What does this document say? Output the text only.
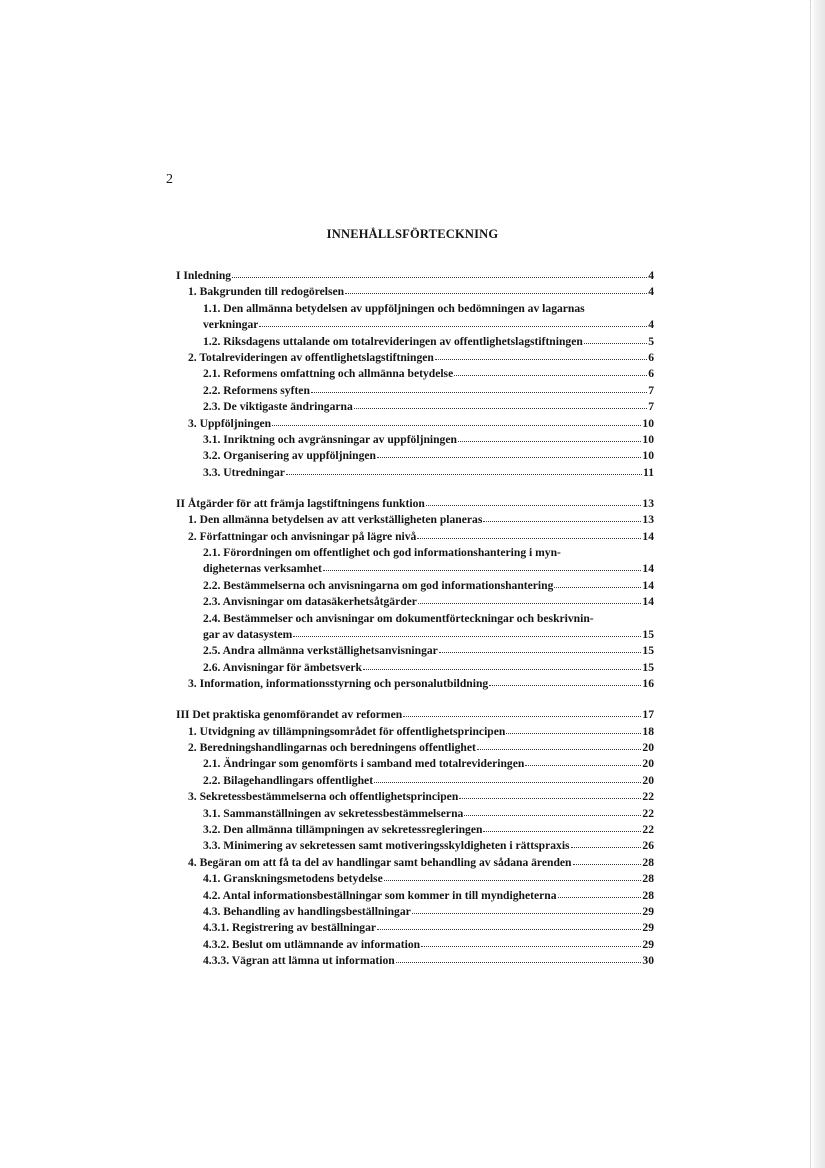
2
INNEHÅLLSFÖRTECKNING
I Inledning	4
1. Bakgrunden till redogörelsen	4
1.1. Den allmänna betydelsen av uppföljningen och bedömningen av lagarnas
verkningar	4
1.2. Riksdagens uttalande om totalrevideringen av offentlighetslagstiftningen	5
2. Totalrevideringen av offentlighetslagstiftningen	6
2.1. Reformens omfattning och allmänna betydelse	6
2.2. Reformens syften	7
2.3. De viktigaste ändringarna	7
3. Uppföljningen	10
3.1. Inriktning och avgränsningar av uppföljningen	10
3.2. Organisering av uppföljningen	10
3.3. Utredningar	11
II Åtgärder för att främja lagstiftningens funktion	13
1. Den allmänna betydelsen av att verkställigheten planeras	13
2. Författningar och anvisningar på lägre nivå	14
2.1. Förordningen om offentlighet och god informationshantering i myn-
digheternas verksamhet	14
2.2. Bestämmelserna och anvisningarna om god informationshantering	14
2.3. Anvisningar om datasäkerhetsåtgärder	14
2.4. Bestämmelser och anvisningar om dokumentförteckningar och beskrivnin-
gar av datasystem	15
2.5. Andra allmänna verkställighetsanvisningar	15
2.6. Anvisningar för ämbetsverk	15
3. Information, informationsstyrning och personalutbildning	16
III Det praktiska genomförandet av reformen	17
1. Utvidgning av tillämpningsområdet för offentlighetsprincipen	18
2. Beredningshandlingarnas och beredningens offentlighet	20
2.1. Ändringar som genomförts i samband med totalrevideringen	20
2.2. Bilagehandlingars offentlighet	20
3. Sekretessbestämmelserna och offentlighetsprincipen	22
3.1. Sammanställningen av sekretessbestämmelserna	22
3.2. Den allmänna tillämpningen av sekretessregleringen	22
3.3. Minimering av sekretessen samt motiveringsskyldigheten i rättspraxis	26
4. Begäran om att få ta del av handlingar samt behandling av sådana ärenden	28
4.1. Granskningsmetodens betydelse	28
4.2. Antal informationsbeställningar som kommer in till myndigheterna	28
4.3. Behandling av handlingsbeställningar	29
4.3.1. Registrering av beställningar	29
4.3.2. Beslut om utlämnande av information	29
4.3.3. Vägran att lämna ut information	30
